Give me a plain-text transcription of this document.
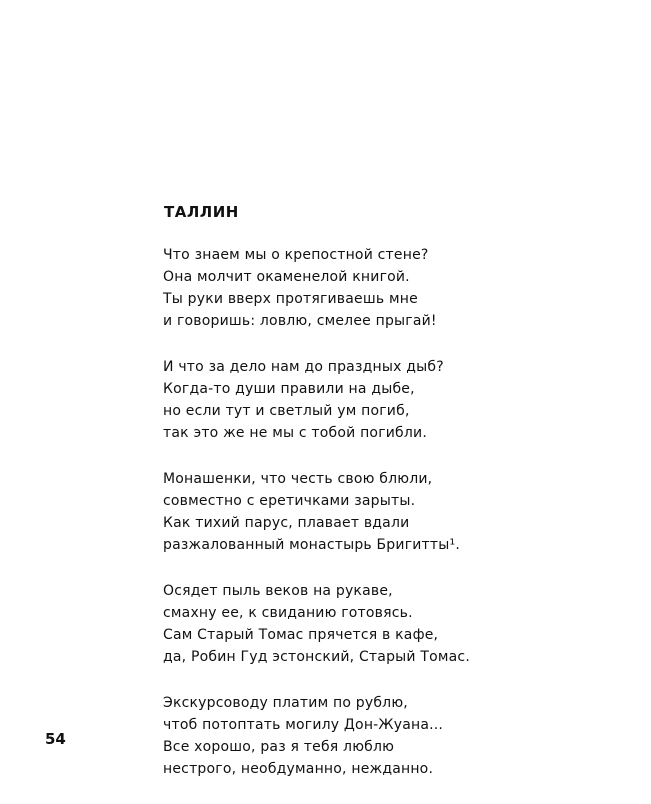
ТАЛЛИН
Что знаем мы о крепостной стене?
Она молчит окаменелой книгой.
Ты руки вверх протягиваешь мне
и говоришь: ловлю, смелее прыгай!
И что за дело нам до праздных дыб?
Когда-то души правили на дыбе,
но если тут и светлый ум погиб,
так это же не мы с тобой погибли.
Монашенки, что честь свою блюли,
совместно с еретичками зарыты.
Как тихий парус, плавает вдали
разжалованный монастырь Бригитты¹.
Осядет пыль веков на рукаве,
смахну ее, к свиданию готовясь.
Сам Старый Томас прячется в кафе,
да, Робин Гуд эстонский, Старый Томас.
Экскурсоводу платим по рублю,
чтоб потоптать могилу Дон-Жуана...
Все хорошо, раз я тебя люблю
нестрого, необдуманно, нежданно.
54
